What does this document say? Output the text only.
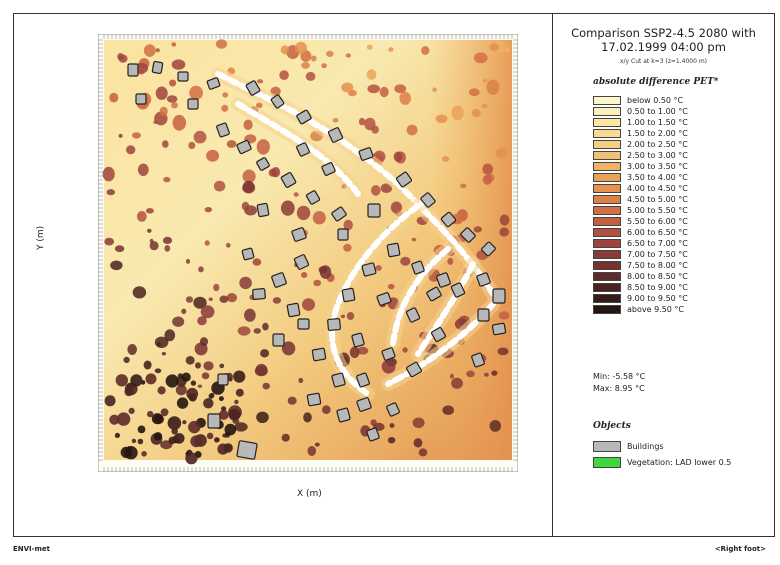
Y (m)
X (m)
Comparison SSP2-4.5 2080 with 17.02.1999 04:00 pm
x/y Cut at k=3 (z=1.4000 m)
absolute difference PET*
below 0.50 °C
0.50 to 1.00 °C
1.00 to 1.50 °C
1.50 to 2.00 °C
2.00 to 2.50 °C
2.50 to 3.00 °C
3.00 to 3.50 °C
3.50 to 4.00 °C
4.00 to 4.50 °C
4.50 to 5.00 °C
5.00 to 5.50 °C
5.50 to 6.00 °C
6.00 to 6.50 °C
6.50 to 7.00 °C
7.00 to 7.50 °C
7.50 to 8.00 °C
8.00 to 8.50 °C
8.50 to 9.00 °C
9.00 to 9.50 °C
above 9.50 °C
Min: -5.58 °C
Max: 8.95 °C
Objects
Buildings
Vegetation: LAD lower 0.5
ENVI-met	<Right foot>
